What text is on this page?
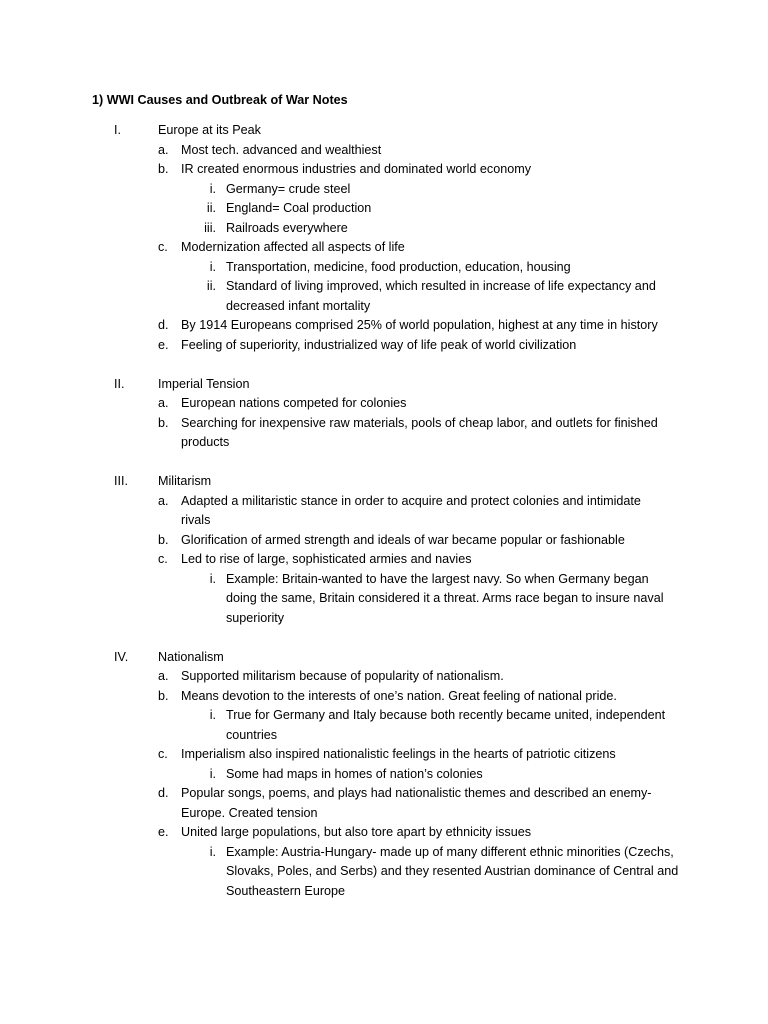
1) WWI Causes and Outbreak of War Notes
I.	Europe at its Peak
a. Most tech. advanced and wealthiest
b. IR created enormous industries and dominated world economy
i. Germany= crude steel
ii. England= Coal production
iii. Railroads everywhere
c.	Modernization affected all aspects of life
i. Transportation, medicine, food production, education, housing
ii. Standard of living improved, which resulted in increase of life expectancy and
decreased infant mortality
d. By 1914 Europeans comprised 25% of world population, highest at any time in history
e. Feeling of superiority, industrialized way of life peak of world civilization
II.	Imperial Tension
a. European nations competed for colonies
b. Searching for inexpensive raw materials, pools of cheap labor, and outlets for finished
products
III.	Militarism
a. Adapted a militaristic stance in order to acquire and protect colonies and intimidate
rivals
b. Glorification of armed strength and ideals of war became popular or fashionable
c.	Led to rise of large, sophisticated armies and navies
i. Example: Britain-wanted to have the largest navy. So when Germany began
doing the same, Britain considered it a threat. Arms race began to insure naval
superiority
IV.	Nationalism
a. Supported militarism because of popularity of nationalism.
b. Means devotion to the interests of one’s nation. Great feeling of national pride.
i. True for Germany and Italy because both recently became united, independent
countries
c.	Imperialism also inspired nationalistic feelings in the hearts of patriotic citizens
i. Some had maps in homes of nation’s colonies
d. Popular songs, poems, and plays had nationalistic themes and described an enemy-
Europe. Created tension
e. United large populations, but also tore apart by ethnicity issues
i. Example: Austria-Hungary- made up of many different ethnic minorities (Czechs,
Slovaks, Poles, and Serbs) and they resented Austrian dominance of Central and
Southeastern Europe
